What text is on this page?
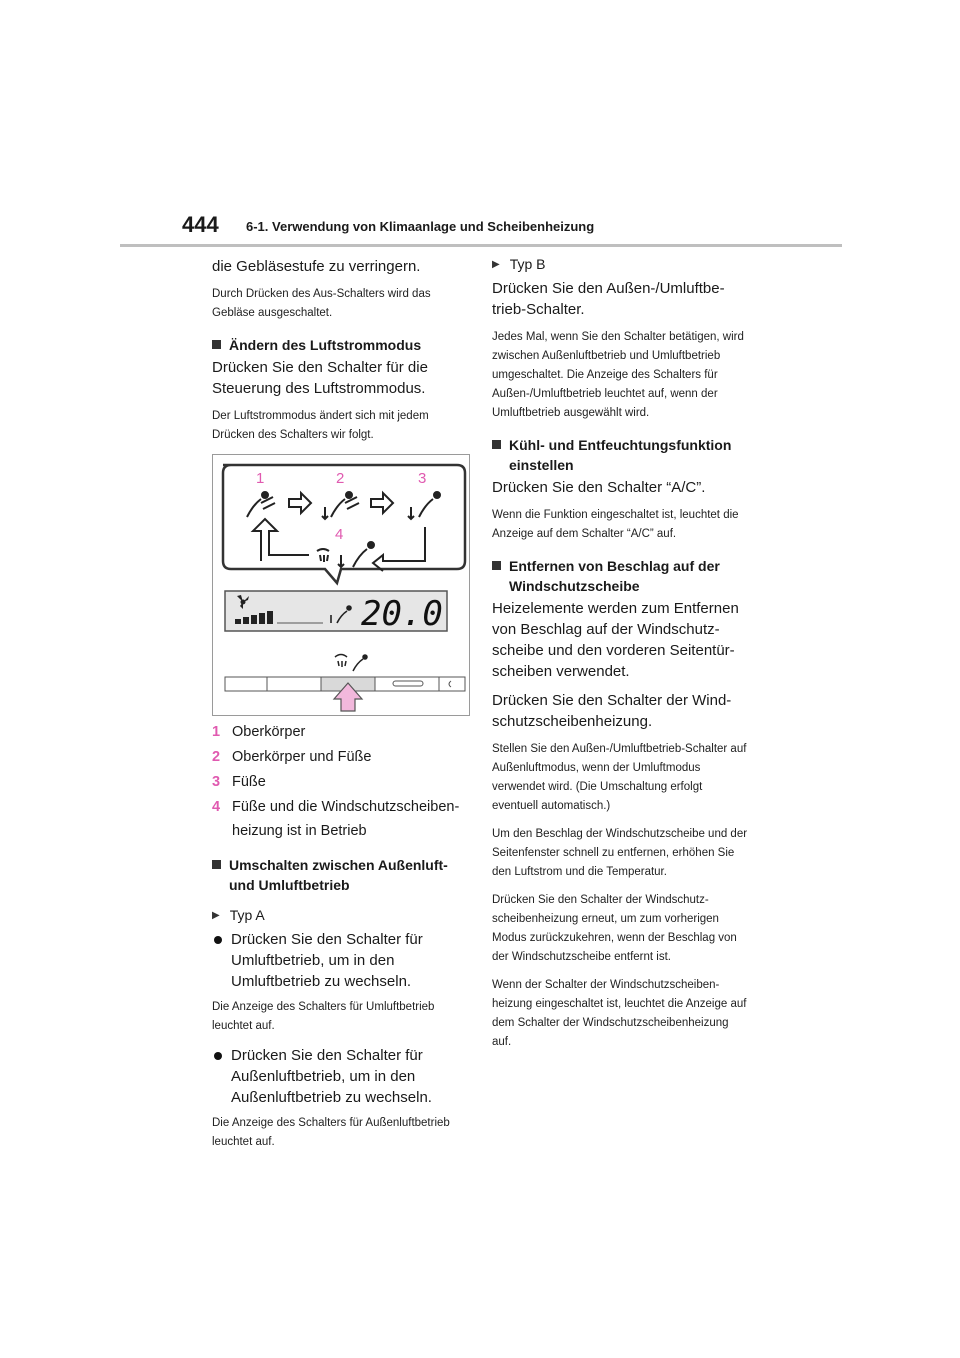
444 6-1. Verwendung von Klimaanlage und Scheibenheizung

die Gebläsestufe zu verringern.

Durch Drücken des Aus-Schalters wird das Gebläse ausgeschaltet.

Ändern des Luftstrommodus

Drücken Sie den Schalter für die Steuerung des Luftstrommodus.

Der Luftstrommodus ändert sich mit jedem Drücken des Schalters wir folgt.

1	2	3
4
20.0
1 Oberkörper
2 Oberkörper und Füße
3 Füße
4 Füße und die Windschutzscheibenheizung ist in Betrieb
Umschalten zwischen Außenluft- und Umluftbetrieb
▶ Typ A
Drücken Sie den Schalter für Umluftbetrieb, um in den Umluftbetrieb zu wechseln.

Die Anzeige des Schalters für Umluftbetrieb leuchtet auf.

Drücken Sie den Schalter für Außenluftbetrieb, um in den Außenluftbetrieb zu wechseln.

Die Anzeige des Schalters für Außenluftbetrieb leuchtet auf.

▶ Typ B

Drücken Sie den Außen-/Umluftbetrieb-Schalter.

Jedes Mal, wenn Sie den Schalter betätigen, wird zwischen Außenluftbetrieb und Umluftbetrieb umgeschaltet. Die Anzeige des Schalters für Außen-/Umluftbetrieb leuchtet auf, wenn der Umluftbetrieb ausgewählt wird.

Kühl- und Entfeuchtungsfunktion einstellen

Drücken Sie den Schalter “A/C”.

Wenn die Funktion eingeschaltet ist, leuchtet die Anzeige auf dem Schalter “A/C” auf.

Entfernen von Beschlag auf der Windschutzscheibe

Heizelemente werden zum Entfernen von Beschlag auf der Windschutzscheibe und den vorderen Seitentürscheiben verwendet.

Drücken Sie den Schalter der Windschutzscheibenheizung.

Stellen Sie den Außen-/Umluftbetrieb-Schalter auf Außenluftmodus, wenn der Umluftmodus verwendet wird. (Die Umschaltung erfolgt eventuell automatisch.)

Um den Beschlag der Windschutzscheibe und der Seitenfenster schnell zu entfernen, erhöhen Sie den Luftstrom und die Temperatur.

Drücken Sie den Schalter der Windschutzscheibenheizung erneut, um zum vorherigen Modus zurückzukehren, wenn der Beschlag von der Windschutzscheibe entfernt ist.

Wenn der Schalter der Windschutzscheibenheizung eingeschaltet ist, leuchtet die Anzeige auf dem Schalter der Windschutzscheibenheizung auf.
